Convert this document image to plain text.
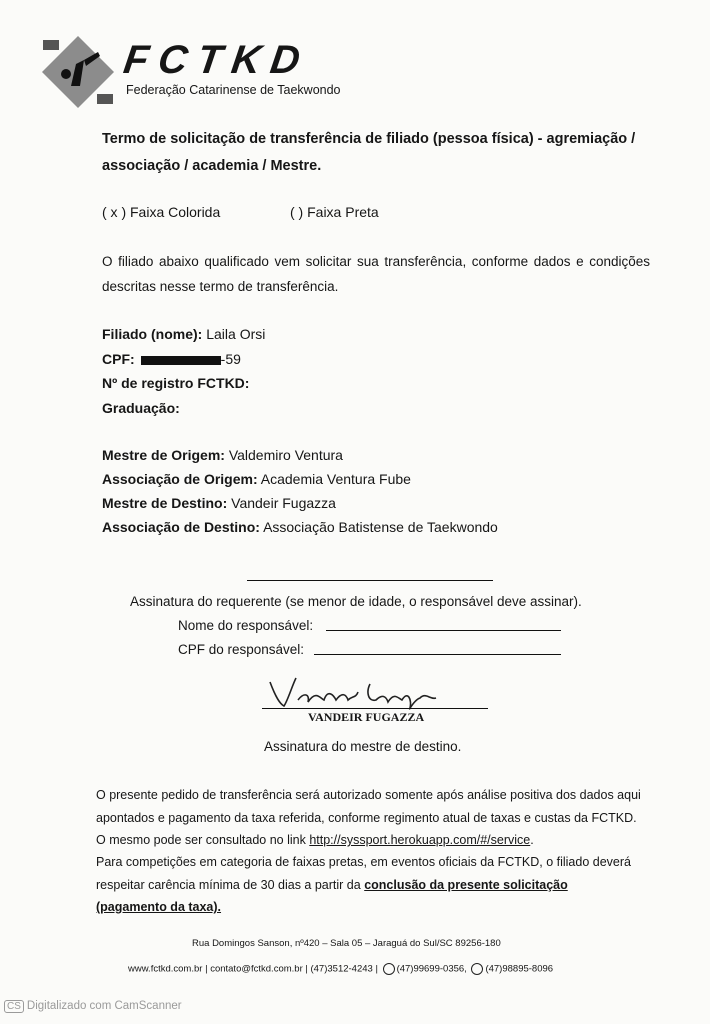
FCTKD
Federação Catarinense de Taekwondo
Termo de solicitação de transferência de filiado (pessoa física) - agremiação / associação / academia / Mestre.
( x ) Faixa Colorida	( ) Faixa Preta
O filiado abaixo qualificado vem solicitar sua transferência, conforme dados e condições descritas nesse termo de transferência.
Filiado (nome): Laila Orsi
CPF:	-59
Nº de registro FCTKD:
Graduação:
Mestre de Origem: Valdemiro Ventura
Associação de Origem: Academia Ventura Fube
Mestre de Destino: Vandeir Fugazza
Associação de Destino: Associação Batistense de Taekwondo
Assinatura do requerente (se menor de idade, o responsável deve assinar).
Nome do responsável:
CPF do responsável:
VANDEIR FUGAZZA
Assinatura do mestre de destino.
O presente pedido de transferência será autorizado somente após análise positiva dos dados aqui apontados e pagamento da taxa referida, conforme regimento atual de taxas e custas da FCTKD. O mesmo pode ser consultado no link http://syssport.herokuapp.com/#/service.
Para competições em categoria de faixas pretas, em eventos oficiais da FCTKD, o filiado deverá respeitar carência mínima de 30 dias a partir da conclusão da presente solicitação (pagamento da taxa).
Rua Domingos Sanson, nº420 – Sala 05 – Jaraguá do Sul/SC 89256-180
www.fctkd.com.br | contato@fctkd.com.br | (47)3512-4243 | (47)99699-0356, (47)98895-8096
CS Digitalizado com CamScanner
